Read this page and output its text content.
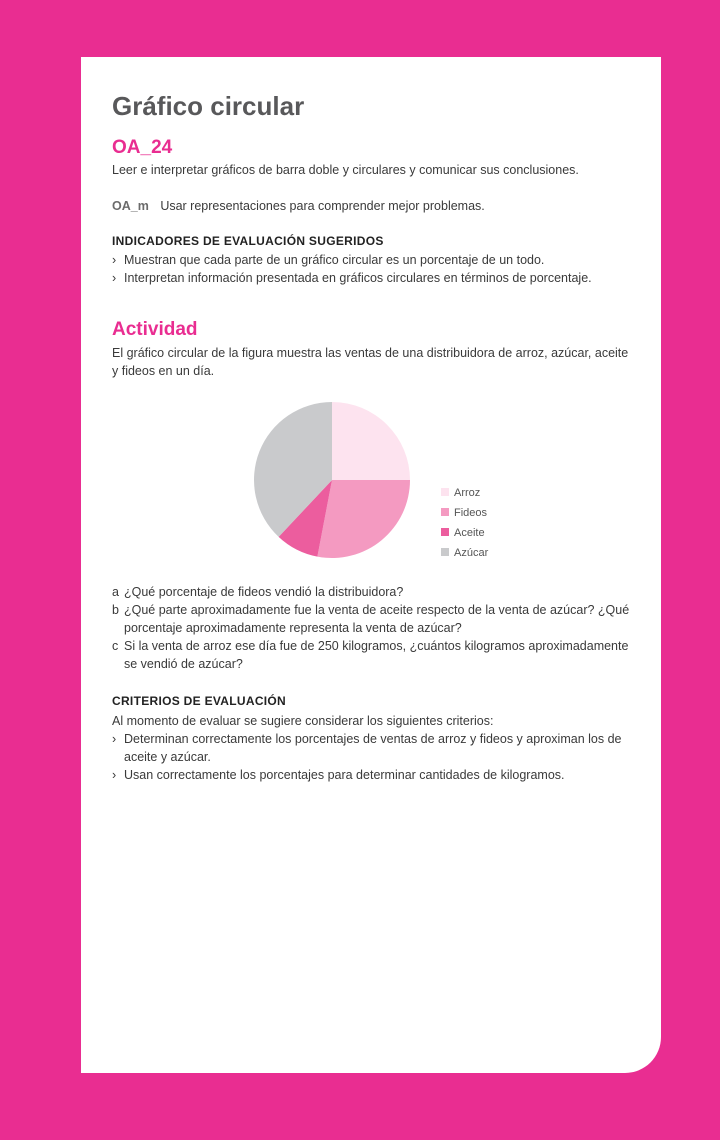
Gráfico circular
OA_24
Leer e interpretar gráficos de barra doble y circulares y comunicar sus conclusiones.
OA_m Usar representaciones para comprender mejor problemas.
INDICADORES DE EVALUACIÓN SUGERIDOS
› Muestran que cada parte de un gráfico circular es un porcentaje de un todo.
› Interpretan información presentada en gráficos circulares en términos de porcentaje.
Actividad
El gráfico circular de la figura muestra las ventas de una distribuidora de arroz, azúcar, aceite y fideos en un día.
Arroz
Fideos
Aceite
Azúcar
a ¿Qué porcentaje de fideos vendió la distribuidora?
b ¿Qué parte aproximadamente fue la venta de aceite respecto de la venta de azúcar? ¿Qué porcentaje aproximadamente representa la venta de azúcar?
c Si la venta de arroz ese día fue de 250 kilogramos, ¿cuántos kilogramos aproximadamente se vendió de azúcar?
CRITERIOS DE EVALUACIÓN
Al momento de evaluar se sugiere considerar los siguientes criterios:
› Determinan correctamente los porcentajes de ventas de arroz y fideos y aproximan los de aceite y azúcar.
› Usan correctamente los porcentajes para determinar cantidades de kilogramos.
